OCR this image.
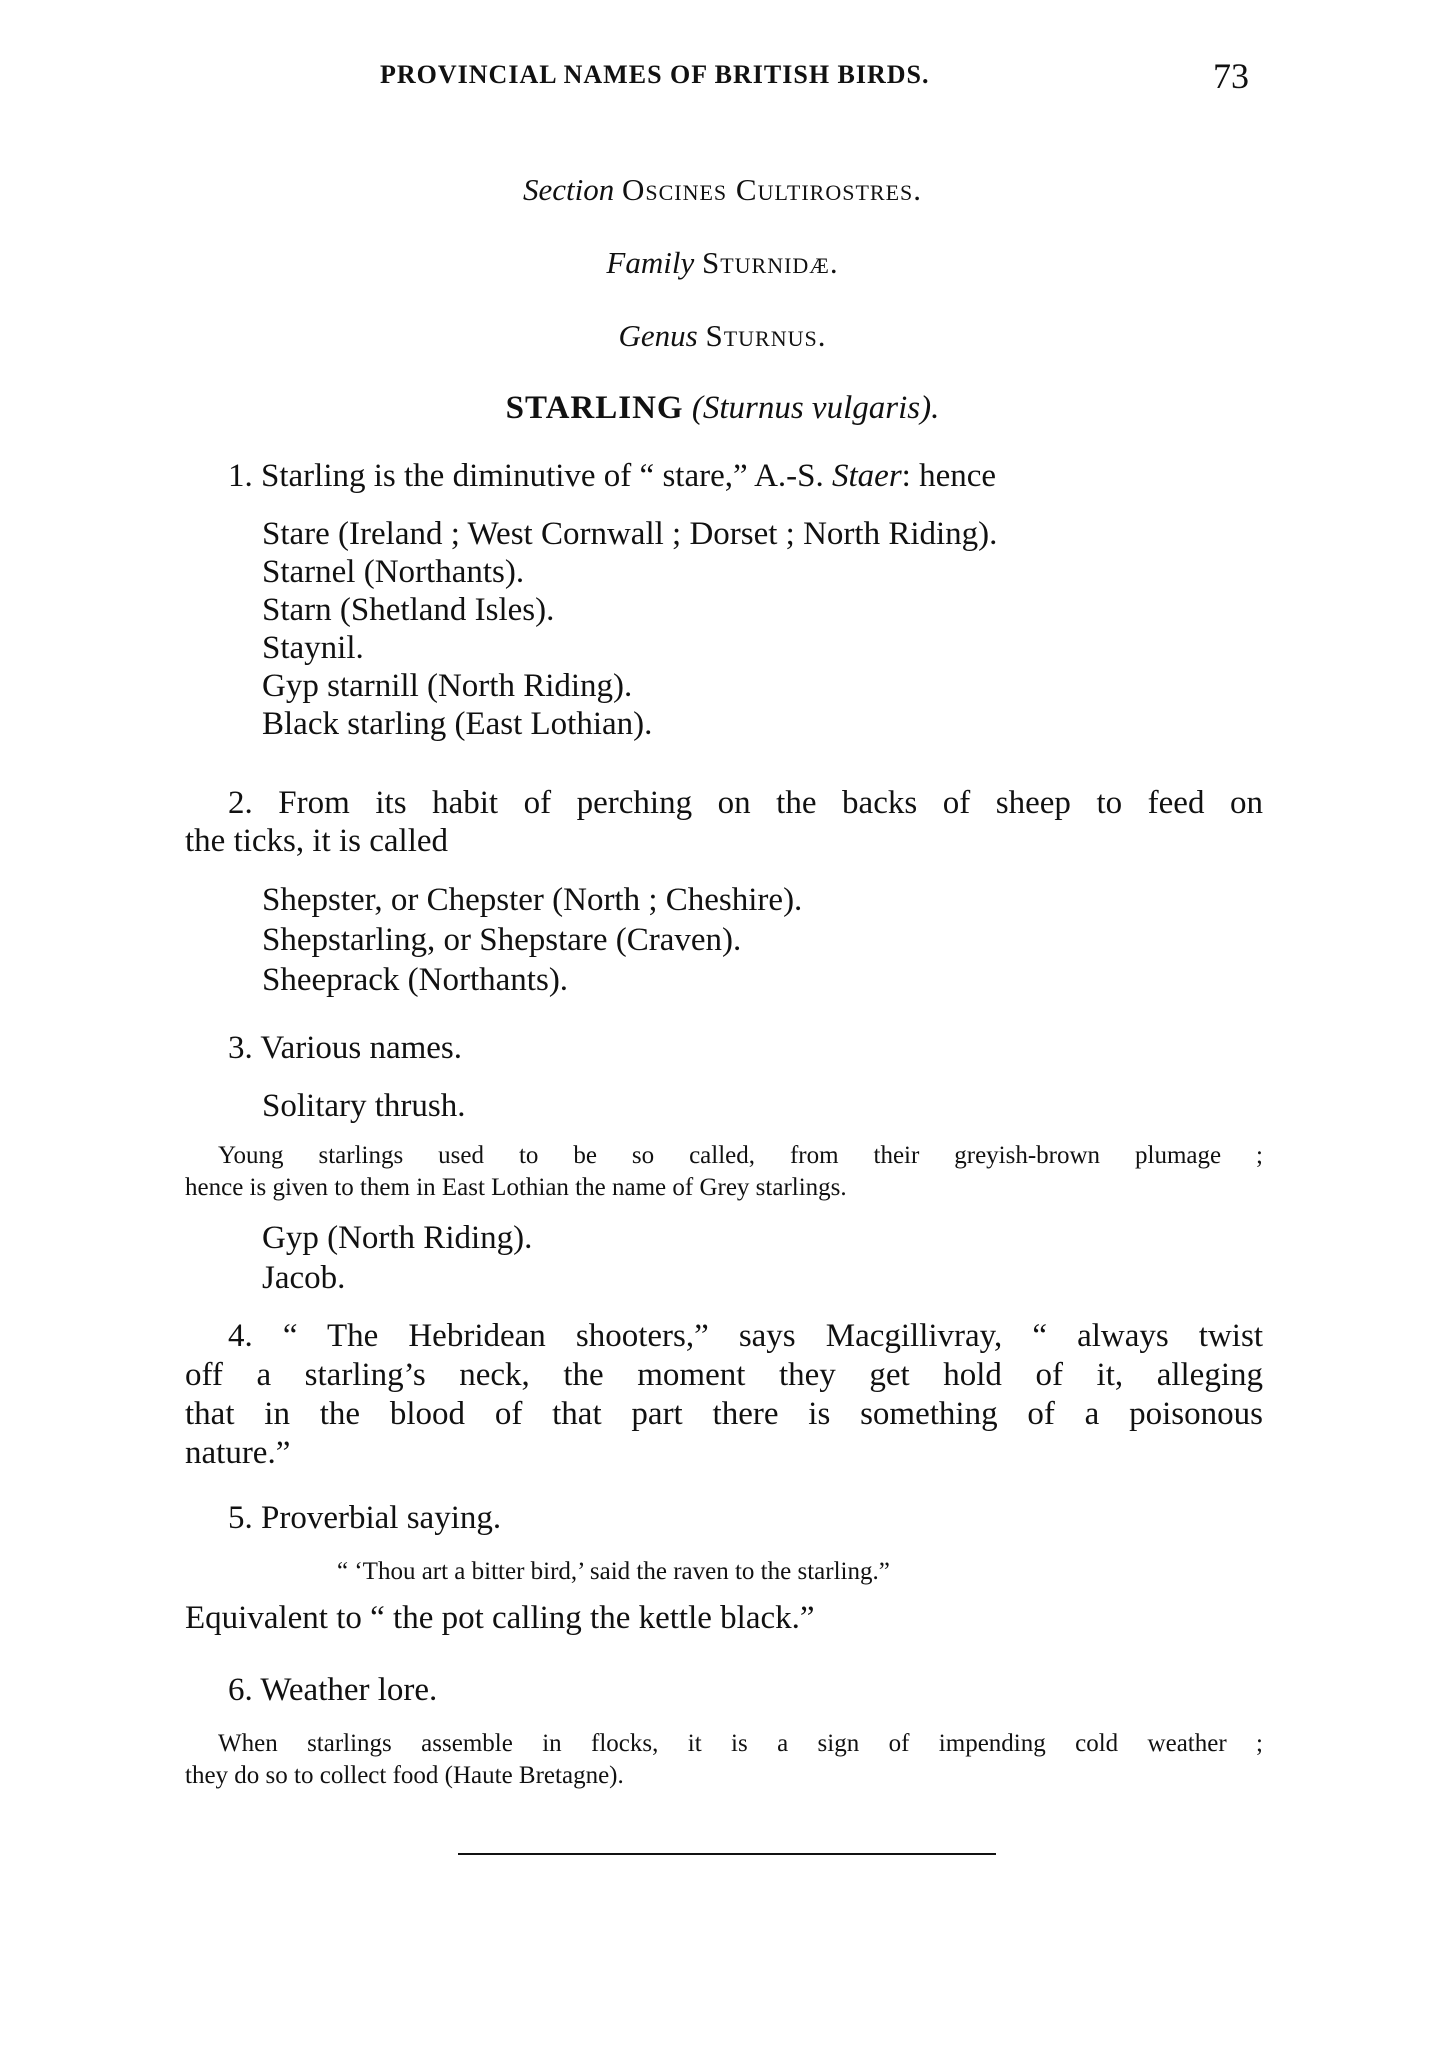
PROVINCIAL NAMES OF BRITISH BIRDS.	73
Section Oscines Cultirostres.
Family Sturnidæ.
Genus Sturnus.
STARLING (Sturnus vulgaris).
1. Starling is the diminutive of “ stare,” A.-S. Staer: hence
Stare (Ireland ; West Cornwall ; Dorset ; North Riding).
Starnel (Northants).
Starn (Shetland Isles).
Staynil.
Gyp starnill (North Riding).
Black starling (East Lothian).
2. From its habit of perching on the backs of sheep to feed on
the ticks, it is called
Shepster, or Chepster (North ; Cheshire).
Shepstarling, or Shepstare (Craven).
Sheeprack (Northants).
3. Various names.
Solitary thrush.
Young starlings used to be so called, from their greyish-brown plumage ;
hence is given to them in East Lothian the name of Grey starlings.
Gyp (North Riding).
Jacob.
4. “ The Hebridean shooters,” says Macgillivray, “ always twist
off a starling’s neck, the moment they get hold of it, alleging
that in the blood of that part there is something of a poisonous
nature.”
5. Proverbial saying.
“ ‘Thou art a bitter bird,’ said the raven to the starling.”
Equivalent to “ the pot calling the kettle black.”
6. Weather lore.
When starlings assemble in flocks, it is a sign of impending cold weather ;
they do so to collect food (Haute Bretagne).
